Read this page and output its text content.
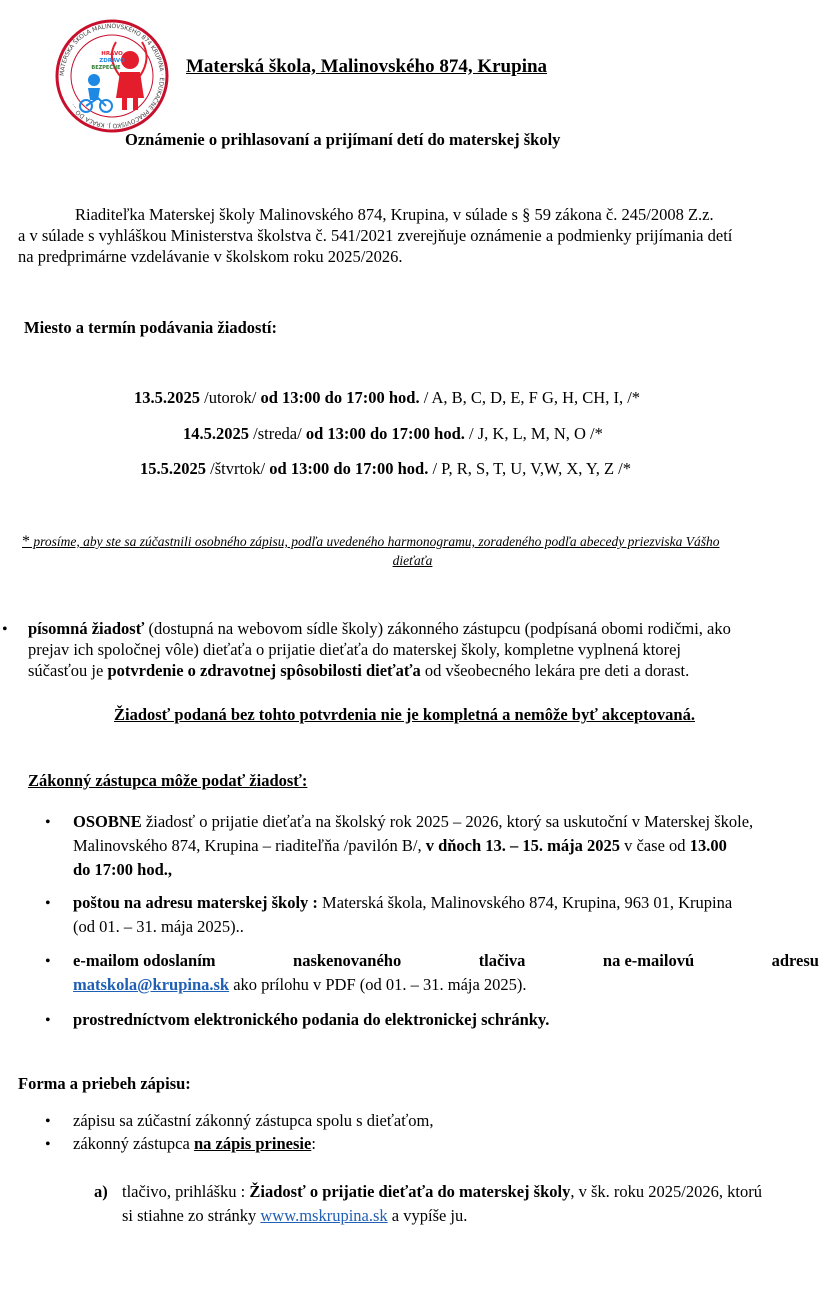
HRAVO
ZDRAVO
BEZPEČNE
MATERSKÁ ŠKOLA MALINOVSKÉHO 874 KRUPINA · EDUKAČNÉ PRACOVISKO J. KRÁĽA DO ...
Materská škola, Malinovského 874, Krupina
Oznámenie o prihlasovaní a prijímaní detí do materskej školy
Riaditeľka Materskej školy Malinovského 874, Krupina, v súlade s § 59 zákona č. 245/2008 Z.z.
a v súlade s vyhláškou Ministerstva školstva č. 541/2021 zverejňuje oznámenie a podmienky prijímania detí
na predprimárne vzdelávanie v školskom roku 2025/2026.
Miesto a termín podávania žiadostí:
13.5.2025 /utorok/ od 13:00 do 17:00 hod. / A, B, C, D, E, F G, H, CH, I, /*
14.5.2025 /streda/ od 13:00 do 17:00 hod. / J, K, L, M, N, O /*
15.5.2025 /štvrtok/ od 13:00 do 17:00 hod. / P, R, S, T, U, V,W, X, Y, Z /*
* prosíme, aby ste sa zúčastnili osobného zápisu, podľa uvedeného harmonogramu, zoradeného podľa abecedy priezviska Vášho
dieťaťa
• písomná žiadosť (dostupná na webovom sídle školy) zákonného zástupcu (podpísaná obomi rodičmi, ako
prejav ich spoločnej vôle) dieťaťa o prijatie dieťaťa do materskej školy, kompletne vyplnená ktorej
súčasťou je potvrdenie o zdravotnej spôsobilosti dieťaťa od všeobecného lekára pre deti a dorast.
Žiadosť podaná bez tohto potvrdenia nie je kompletná a nemôže byť akceptovaná.
Zákonný zástupca môže podať žiadosť:
• OSOBNE žiadosť o prijatie dieťaťa na školský rok 2025 – 2026, ktorý sa uskutoční v Materskej škole,
Malinovského 874, Krupina – riaditeľňa /pavilón B/, v dňoch 13. – 15. mája 2025 v čase od 13.00
do 17:00 hod.,
• poštou na adresu materskej školy : Materská škola, Malinovského 874, Krupina, 963 01, Krupina
(od 01. – 31. mája 2025)..
• e-mailom odoslaním	naskenovaného	tlačiva	na e-mailovú	adresu
matskola@krupina.sk ako prílohu v PDF (od 01. – 31. mája 2025).
• prostredníctvom elektronického podania do elektronickej schránky.
Forma a priebeh zápisu:
• zápisu sa zúčastní zákonný zástupca spolu s dieťaťom,
• zákonný zástupca na zápis prinesie:
a) tlačivo, prihlášku : Žiadosť o prijatie dieťaťa do materskej školy, v šk. roku 2025/2026, ktorú
si stiahne zo stránky www.mskrupina.sk a vypíše ju.
